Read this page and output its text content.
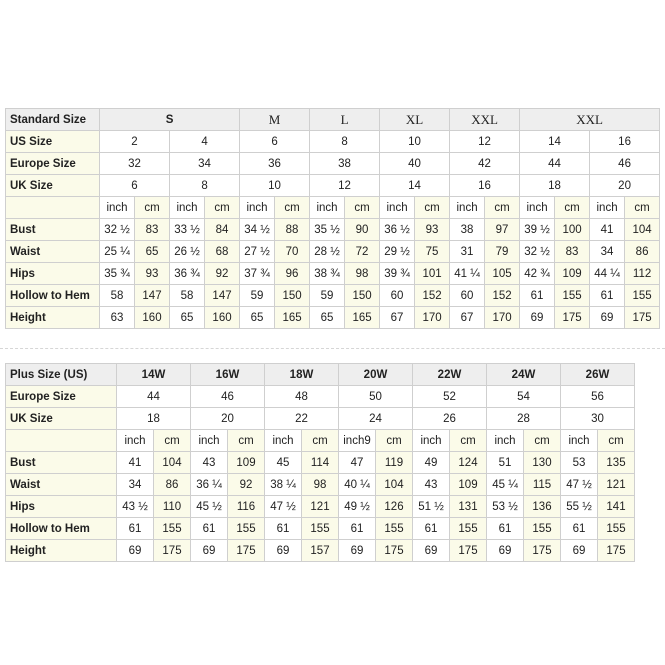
Standard Size	S				M		L		XL		XXL		XXL			
US Size	2		4		6		8		10		12		14		16	
Europe Size	32		34		36		38		40		42		44		46	
UK Size	6		8		10		12		14		16		18		20	
	inch	cm	inch	cm	inch	cm	inch	cm	inch	cm	inch	cm	inch	cm	inch	cm
Bust	32 ½	83	33 ½	84	34 ½	88	35 ½	90	36 ½	93	38	97	39 ½	100	41	104
Waist	25 ¼	65	26 ½	68	27 ½	70	28 ½	72	29 ½	75	31	79	32 ½	83	34	86
Hips	35 ¾	93	36 ¾	92	37 ¾	96	38 ¾	98	39 ¾	101	41 ¼	105	42 ¾	109	44 ¼	112
Hollow to Hem	58	147	58	147	59	150	59	150	60	152	60	152	61	155	61	155
Height	63	160	65	160	65	165	65	165	67	170	67	170	69	175	69	175
Plus Size (US)	14W		16W		18W		20W		22W		24W		26W	
Europe Size	44		46		48		50		52		54		56	
UK Size	18		20		22		24		26		28		30	
	inch	cm	inch	cm	inch	cm	inch9	cm	inch	cm	inch	cm	inch	cm
Bust	41	104	43	109	45	114	47	119	49	124	51	130	53	135
Waist	34	86	36 ¼	92	38 ¼	98	40 ¼	104	43	109	45 ¼	115	47 ½	121
Hips	43 ½	110	45 ½	116	47 ½	121	49 ½	126	51 ½	131	53 ½	136	55 ½	141
Hollow to Hem	61	155	61	155	61	155	61	155	61	155	61	155	61	155
Height	69	175	69	175	69	157	69	175	69	175	69	175	69	175
